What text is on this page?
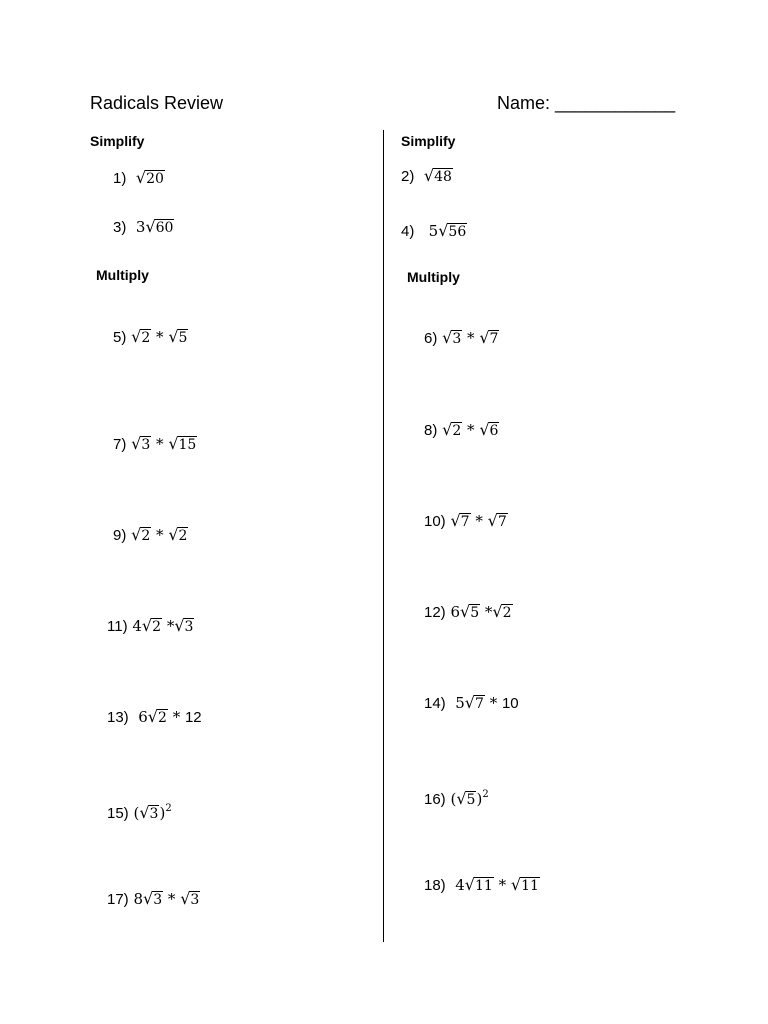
Radicals Review	Name: ____________
Simplify
1) √ 20
3) 3 √ 60
Multiply
5) √ 2 * √ 5
7) √ 3 * √ 15
9) √ 2 * √ 2
11) 4 √ 2 * √ 3
13) 6 √ 2 * 12
15) ( √ 3 )$^2$
17) 8 √ 3 * √ 3
Simplify
2) √ 48
4) 5 √ 56
Multiply
6) √ 3 * √ 7
8) √ 2 * √ 6
10) √ 7 * √ 7
12) 6 √ 5 * √ 2
14) 5 √ 7 * 10
16) ( √ 5 )$^2$
18) 4 √ 11 * √ 11
